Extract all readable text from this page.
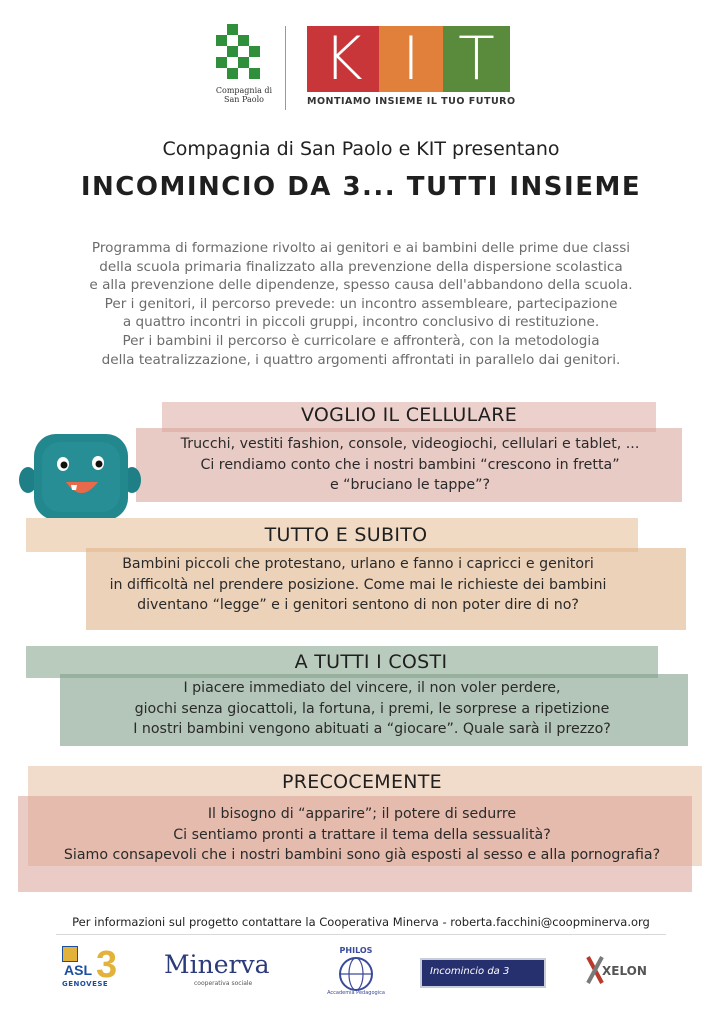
Compagnia di San Paolo
K I T
MONTIAMO INSIEME IL TUO FUTURO
Compagnia di San Paolo e KIT presentano
INCOMINCIO DA 3... TUTTI INSIEME
Programma di formazione rivolto ai genitori e ai bambini delle prime due classi
della scuola primaria finalizzato alla prevenzione della dispersione scolastica
e alla prevenzione delle dipendenze, spesso causa dell'abbandono della scuola.
Per i genitori, il percorso prevede: un incontro assembleare, partecipazione
a quattro incontri in piccoli gruppi, incontro conclusivo di restituzione.
Per i bambini il percorso è curricolare e affronterà, con la metodologia
della teatralizzazione, i quattro argomenti affrontati in parallelo dai genitori.
VOGLIO IL CELLULARE
Trucchi, vestiti fashion, console, videogiochi, cellulari e tablet, ...
Ci rendiamo conto che i nostri bambini “crescono in fretta”
e “bruciano le tappe”?
TUTTO E SUBITO
Bambini piccoli che protestano, urlano e fanno i capricci e genitori
in difficoltà nel prendere posizione. Come mai le richieste dei bambini
diventano “legge” e i genitori sentono di non poter dire di no?
A TUTTI I COSTI
I piacere immediato del vincere, il non voler perdere,
giochi senza giocattoli, la fortuna, i premi, le sorprese a ripetizione
I nostri bambini vengono abituati a “giocare”. Quale sarà il prezzo?
PRECOCEMENTE
Il bisogno di “apparire”; il potere di sedurre
Ci sentiamo pronti a trattare il tema della sessualità?
Siamo consapevoli che i nostri bambini sono già esposti al sesso e alla pornografia?
Per informazioni sul progetto contattare la Cooperativa Minerva - roberta.facchini@coopminerva.org
ASL 3
GENOVESE
Minerva
cooperativa sociale
PHILOS
Accademia Pedagogica
Incomincio da 3	XELON
